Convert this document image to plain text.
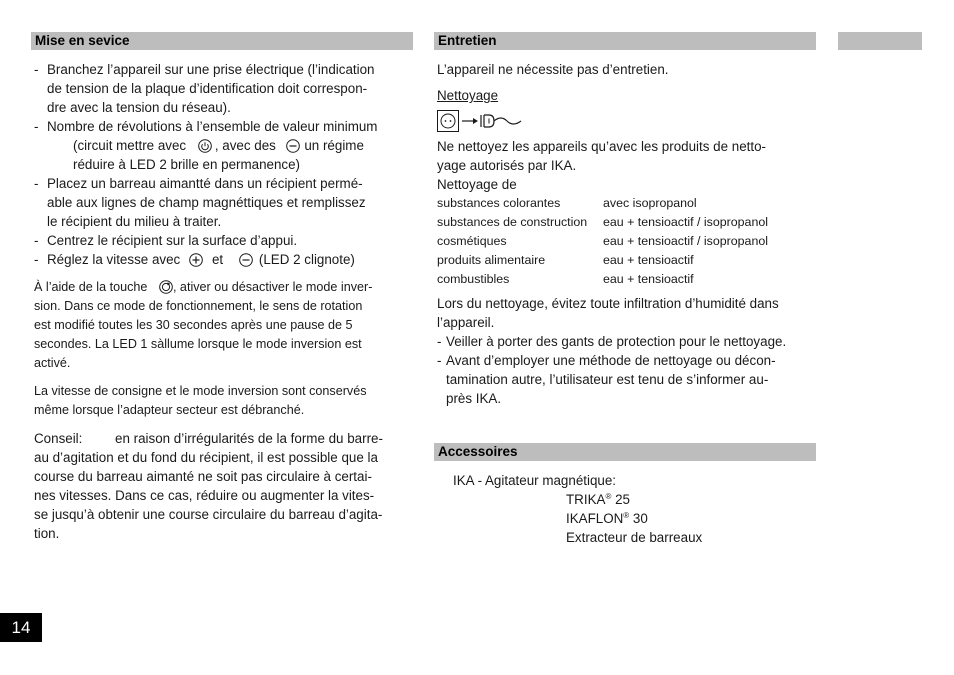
Mise en sevice
- Branchez l’appareil sur une prise électrique (l’indication

de tension de la plaque d’identification doit correspon-

dre avec la tension du réseau).

- Nombre de révolutions à l’ensemble de valeur minimum

(circuit mettre avec , avec des un régime

réduire à LED 2 brille en permanence)

- Placez un barreau aimantté dans un récipient permé-

able aux lignes de champ magnéttiques et remplissez

le récipient du milieu à traiter.

- Centrez le récipient sur la surface d’appui.

- Réglez la vitesse avec et	(LED 2 clignote)

À l’aide de la touche , ativer ou désactiver le mode inver-

sion. Dans ce mode de fonctionnement, le sens de rotation

est modifié toutes les 30 secondes après une pause de 5

secondes. La LED 1 sàllume lorsque le mode inversion est

activé.

La vitesse de consigne et le mode inversion sont conservés

même lorsque l’adapteur secteur est débranché.

Conseil: en raison d’irrégularités de la forme du barre-

au d’agitation et du fond du récipient, il est possible que la

course du barreau aimanté ne soit pas circulaire à certai-

nes vitesses. Dans ce cas, réduire ou augmenter la vites-

se jusqu’à obtenir une course circulaire du barreau d’agita-

tion.

Entretien

L’appareil ne nécessite pas d’entretien.

Nettoyage

Ne nettoyez les appareils qu’avec les produits de netto-

yage autorisés par IKA.

Nettoyage de

substances colorantes	avec isopropanol
substances de construction eau + tensioactif / isopropanol
cosmétiques	eau + tensioactif / isopropanol
produits alimentaire	eau + tensioactif
combustibles	eau + tensioactif

Lors du nettoyage, évitez toute infiltration d’humidité dans

l’appareil.

- Veiller à porter des gants de protection pour le nettoyage.

- Avant d’employer une méthode de nettoyage ou décon-

tamination autre, l’utilisateur est tenu de s’informer au-

près IKA.

Accessoires

IKA - Agitateur magnétique:

TRIKA® 25

IKAFLON® 30

Extracteur de barreaux

14
